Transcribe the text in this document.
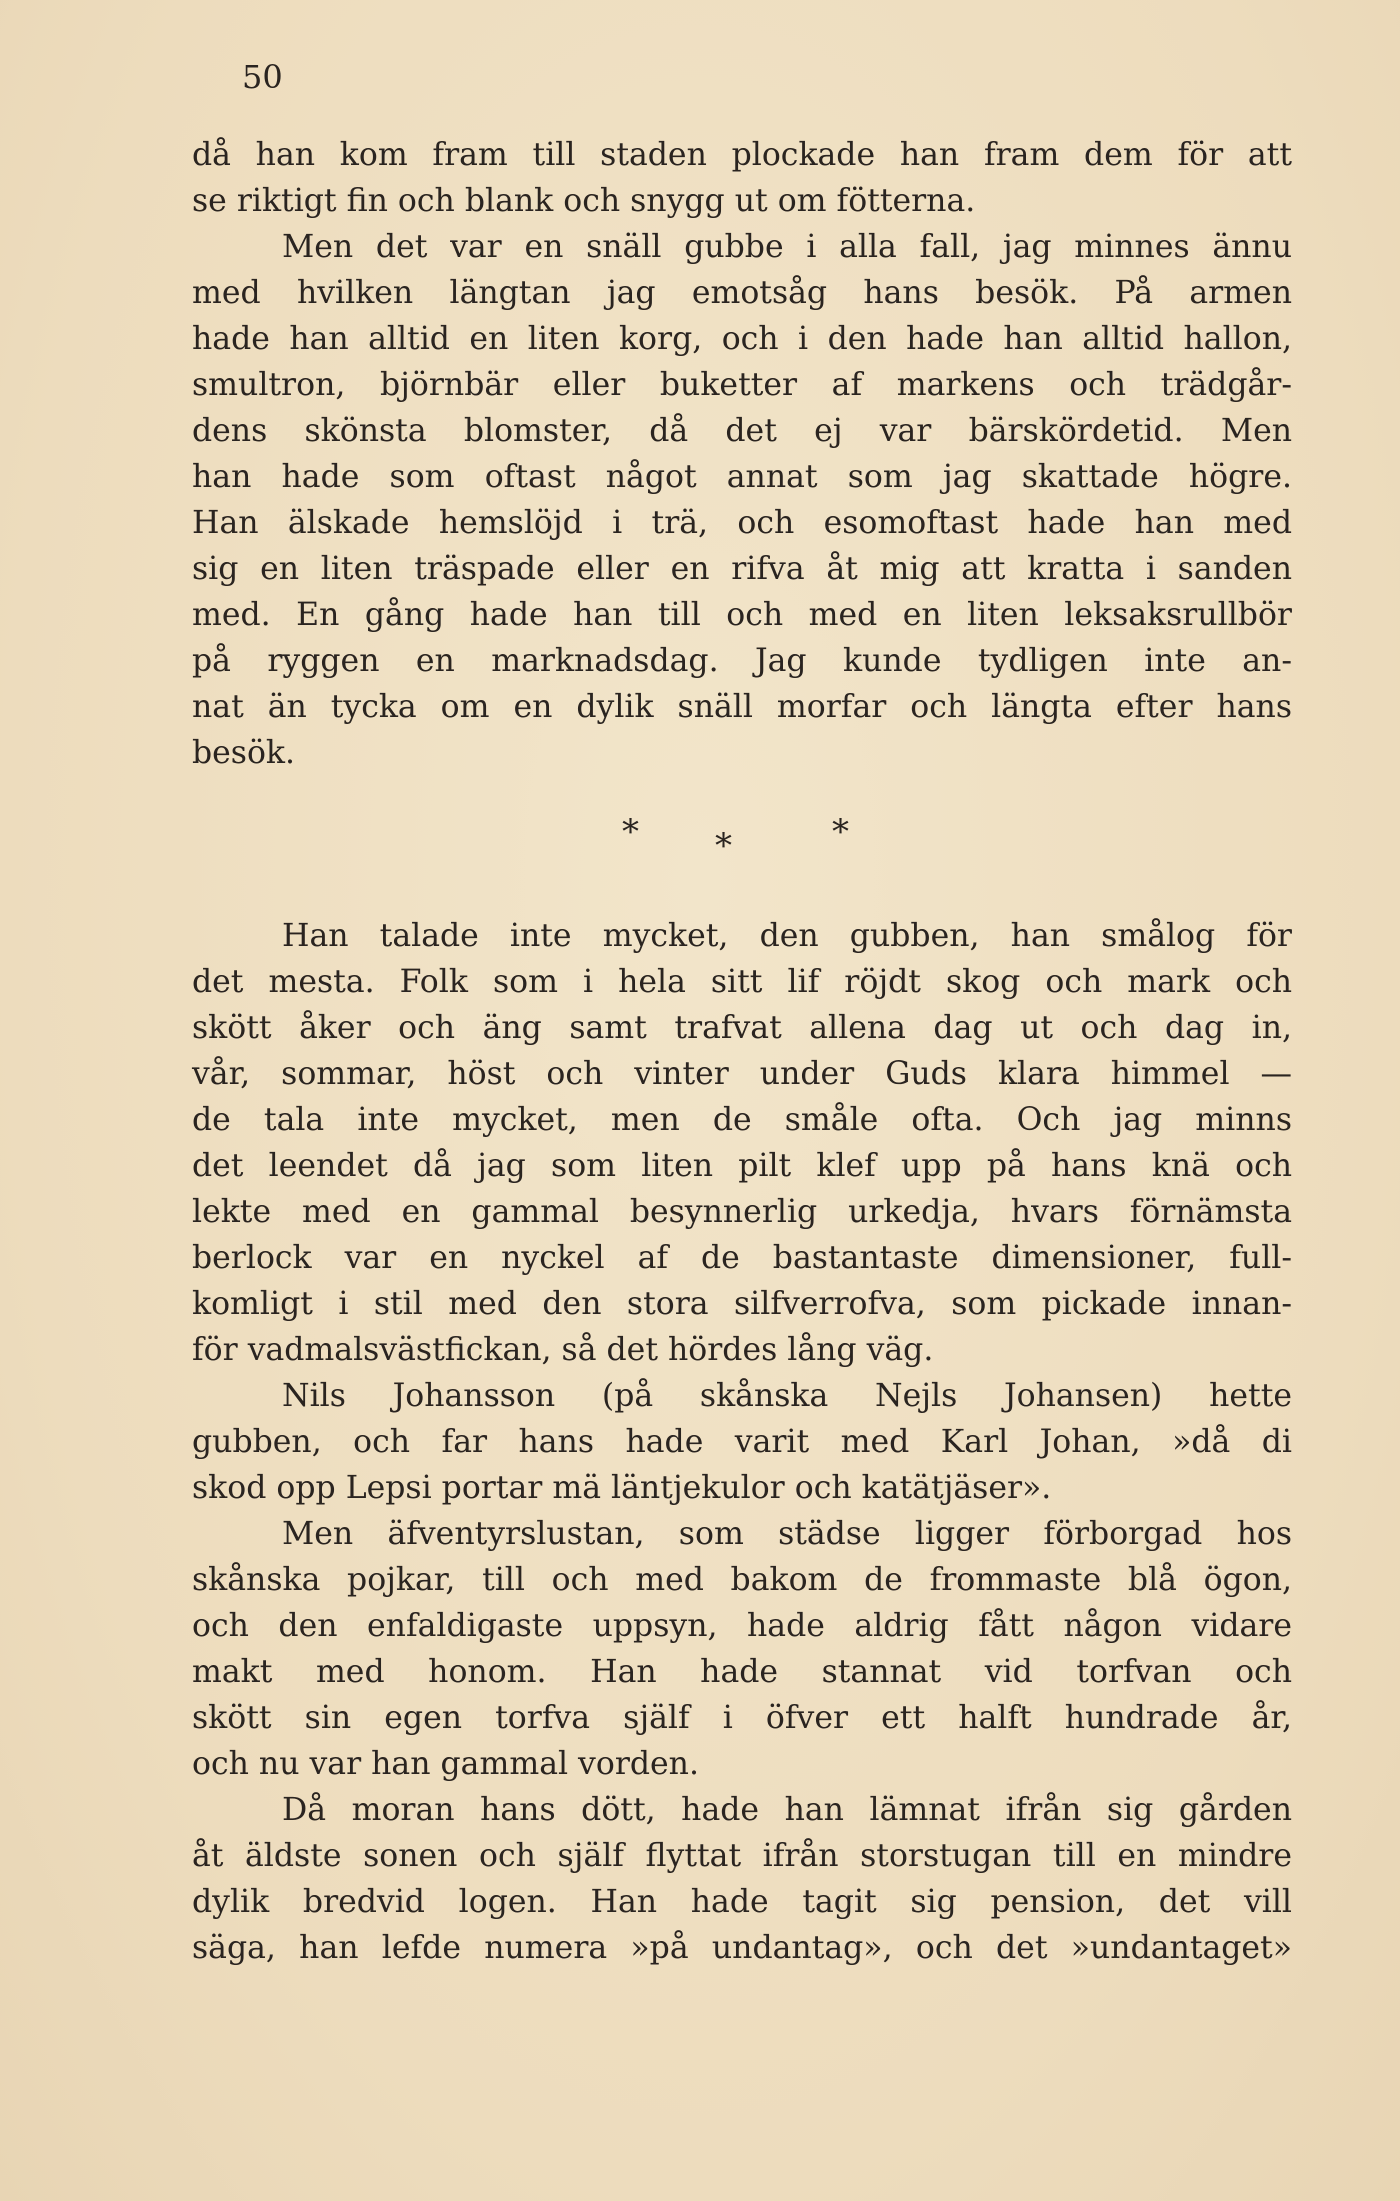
50
då han kom fram till staden plockade han fram dem för att
se riktigt fin och blank och snygg ut om fötterna.
Men det var en snäll gubbe i alla fall, jag minnes ännu
med hvilken längtan jag emotsåg hans besök. På armen
hade han alltid en liten korg, och i den hade han alltid hallon,
smultron, björnbär eller buketter af markens och trädgår-
dens skönsta blomster, då det ej var bärskördetid. Men
han hade som oftast något annat som jag skattade högre.
Han älskade hemslöjd i trä, och esomoftast hade han med
sig en liten träspade eller en rifva åt mig att kratta i sanden
med. En gång hade han till och med en liten leksaksrullbör
på ryggen en marknadsdag. Jag kunde tydligen inte an-
nat än tycka om en dylik snäll morfar och längta efter hans
besök.
* *	*
Han talade inte mycket, den gubben, han smålog för
det mesta. Folk som i hela sitt lif röjdt skog och mark och
skött åker och äng samt trafvat allena dag ut och dag in,
vår, sommar, höst och vinter under Guds klara himmel —
de tala inte mycket, men de småle ofta. Och jag minns
det leendet då jag som liten pilt klef upp på hans knä och
lekte med en gammal besynnerlig urkedja, hvars förnämsta
berlock var en nyckel af de bastantaste dimensioner, full-
komligt i stil med den stora silfverrofva, som pickade innan-
för vadmalsvästfickan, så det hördes lång väg.
Nils Johansson (på skånska Nejls Johansen) hette
gubben, och far hans hade varit med Karl Johan, »då di
skod opp Lepsi portar mä läntjekulor och katätjäser».
Men äfventyrslustan, som städse ligger förborgad hos
skånska pojkar, till och med bakom de frommaste blå ögon,
och den enfaldigaste uppsyn, hade aldrig fått någon vidare
makt med honom. Han hade stannat vid torfvan och
skött sin egen torfva själf i öfver ett halft hundrade år,
och nu var han gammal vorden.
Då moran hans dött, hade han lämnat ifrån sig gården
åt äldste sonen och själf flyttat ifrån storstugan till en mindre
dylik bredvid logen. Han hade tagit sig pension, det vill
säga, han lefde numera »på undantag», och det »undantaget»
